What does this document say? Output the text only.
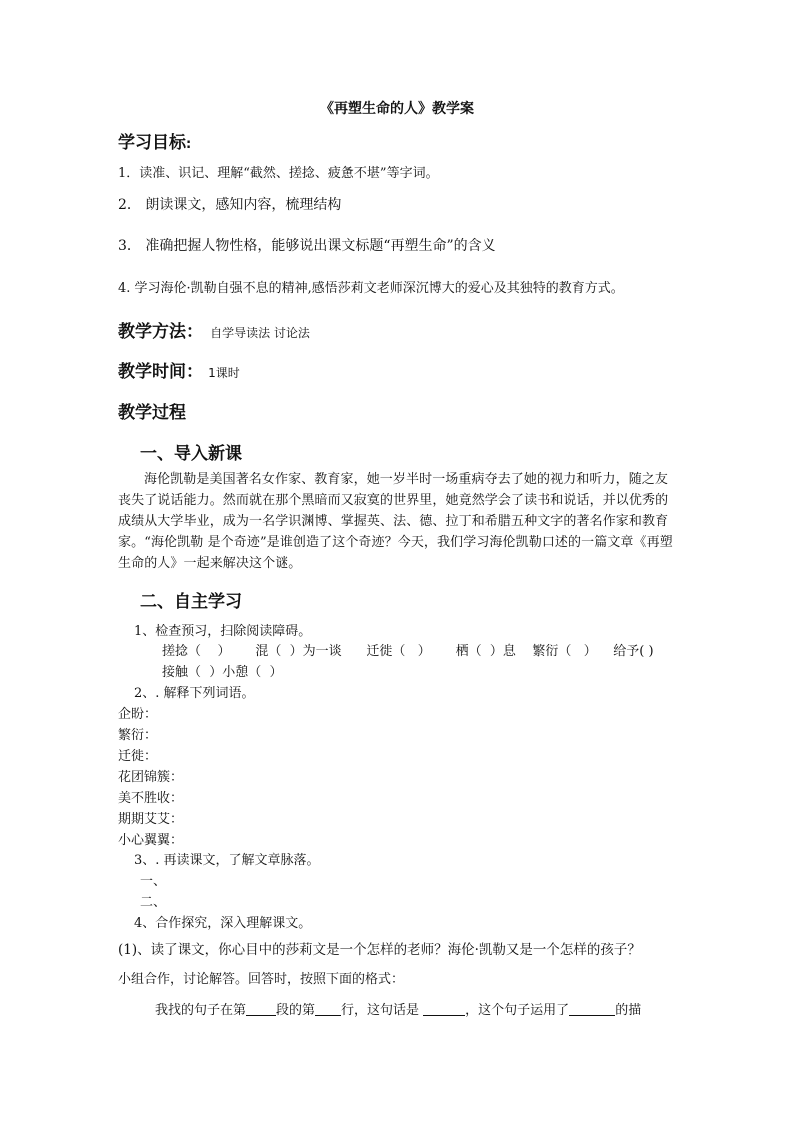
《再塑生命的人》教学案
学习目标:
1．读准、识记、理解“截然、搓捻、疲惫不堪”等字词。
2． 朗读课文，感知内容，梳理结构
3． 准确把握人物性格，能够说出课文标题“再塑生命”的含义
4. 学习海伦·凯勒自强不息的精神,感悟莎莉文老师深沉博大的爱心及其独特的教育方式。
教学方法： 自学导读法 讨论法
教学时间： 1课时
教学过程
一、导入新课
海伦凯勒是美国著名女作家、教育家，她一岁半时一场重病夺去了她的视力和听力，随之友丧失了说话能力。然而就在那个黑暗而又寂寞的世界里，她竟然学会了读书和说话，并以优秀的成绩从大学毕业，成为一名学识渊博、掌握英、法、德、拉丁和希腊五种文字的著名作家和教育家。“海伦凯勒 是个奇迹”是谁创造了这个奇迹？今天，我们学习海伦凯勒口述的一篇文章《再塑生命的人》一起来解决这个谜。
二、自主学习
1、检查预习，扫除阅读障碍。
搓捻（    ）      混（  ）为一谈      迁徙（   ）      栖（  ）息    繁衍（   ）    给予( )
接触（  ）小憩（  ）
2、. 解释下列词语。
企盼：
繁衍：
迁徙：
花团锦簇：
美不胜收：
期期艾艾：
小心翼翼：
3、. 再读课文，了解文章脉落。
一、
二、
4、合作探究，深入理解课文。
(1)、读了课文，你心目中的莎莉文是一个怎样的老师？海伦·凯勒又是一个怎样的孩子？
小组合作，讨论解答。回答时，按照下面的格式：
我找的句子在第 段的第 行，这句话是	，这个句子运用了	的描
